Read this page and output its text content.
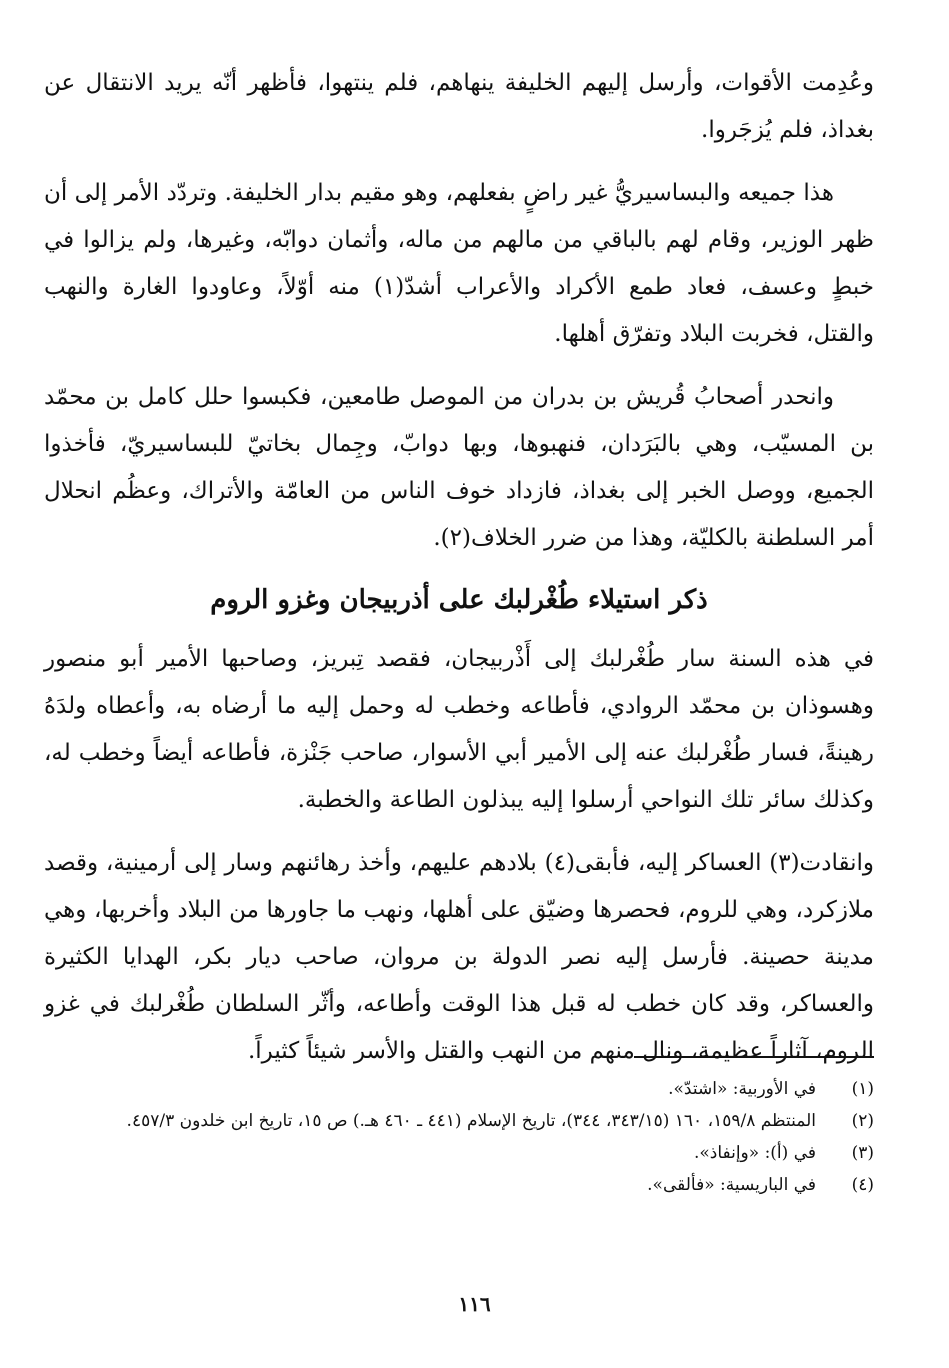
وعُدِمت الأقوات، وأرسل إليهم الخليفة ينهاهم، فلم ينتهوا، فأظهر أنّه يريد الانتقال عن بغداذ، فلم يُزجَروا.

هذا جميعه والبساسيريُّ غير راضٍ بفعلهم، وهو مقيم بدار الخليفة. وتردّد الأمر إلى أن ظهر الوزير، وقام لهم بالباقي من مالهم من ماله، وأثمان دوابّه، وغيرها، ولم يزالوا في خبطٍ وعسف، فعاد طمع الأكراد والأعراب أشدّ(١) منه أوّلاً، وعاودوا الغارة والنهب والقتل، فخربت البلاد وتفرّق أهلها.

وانحدر أصحابُ قُريش بن بدران من الموصل طامعين، فكبسوا حلل كامل بن محمّد بن المسيّب، وهي بالبَرَدان، فنهبوها، وبها دوابّ، وجِمال بخاتيّ للبساسيريّ، فأخذوا الجميع، ووصل الخبر إلى بغداذ، فازداد خوف الناس من العامّة والأتراك، وعظُم انحلال أمر السلطنة بالكليّة، وهذا من ضرر الخلاف(٢).

ذكر استيلاء طُغْرلبك على أذربيجان وغزو الروم

في هذه السنة سار طُغْرلبك إلى أَذْربيجان، فقصد تِبريز، وصاحبها الأمير أبو منصور وهسوذان بن محمّد الروادي، فأطاعه وخطب له وحمل إليه ما أرضاه به، وأعطاه ولدَهُ رهينةً، فسار طُغْرلبك عنه إلى الأمير أبي الأسوار، صاحب جَنْزة، فأطاعه أيضاً وخطب له، وكذلك سائر تلك النواحي أرسلوا إليه يبذلون الطاعة والخطبة.

وانقادت(٣) العساكر إليه، فأبقى(٤) بلادهم عليهم، وأخذ رهائنهم وسار إلى أرمينية، وقصد ملازكرد، وهي للروم، فحصرها وضيّق على أهلها، ونهب ما جاورها من البلاد وأخربها، وهي مدينة حصينة. فأرسل إليه نصر الدولة بن مروان، صاحب ديار بكر، الهدايا الكثيرة والعساكر، وقد كان خطب له قبل هذا الوقت وأطاعه، وأثّر السلطان طُغْرلبك في غزو الروم، آثاراً عظيمة، ونال منهم من النهب والقتل والأسر شيئاً كثيراً.

(١)
في الأوربية: «اشتدّ».
(٢)
المنتظم ١٥٩/٨، ١٦٠ (٣٤٣/١٥، ٣٤٤)، تاريخ الإسلام (٤٤١ ـ ٤٦٠ هـ.) ص ١٥، تاريخ ابن خلدون ٤٥٧/٣.
(٣)
في (أ): «وإنفاذ».
(٤)
في الباريسية: «فألقى».
١١٦
